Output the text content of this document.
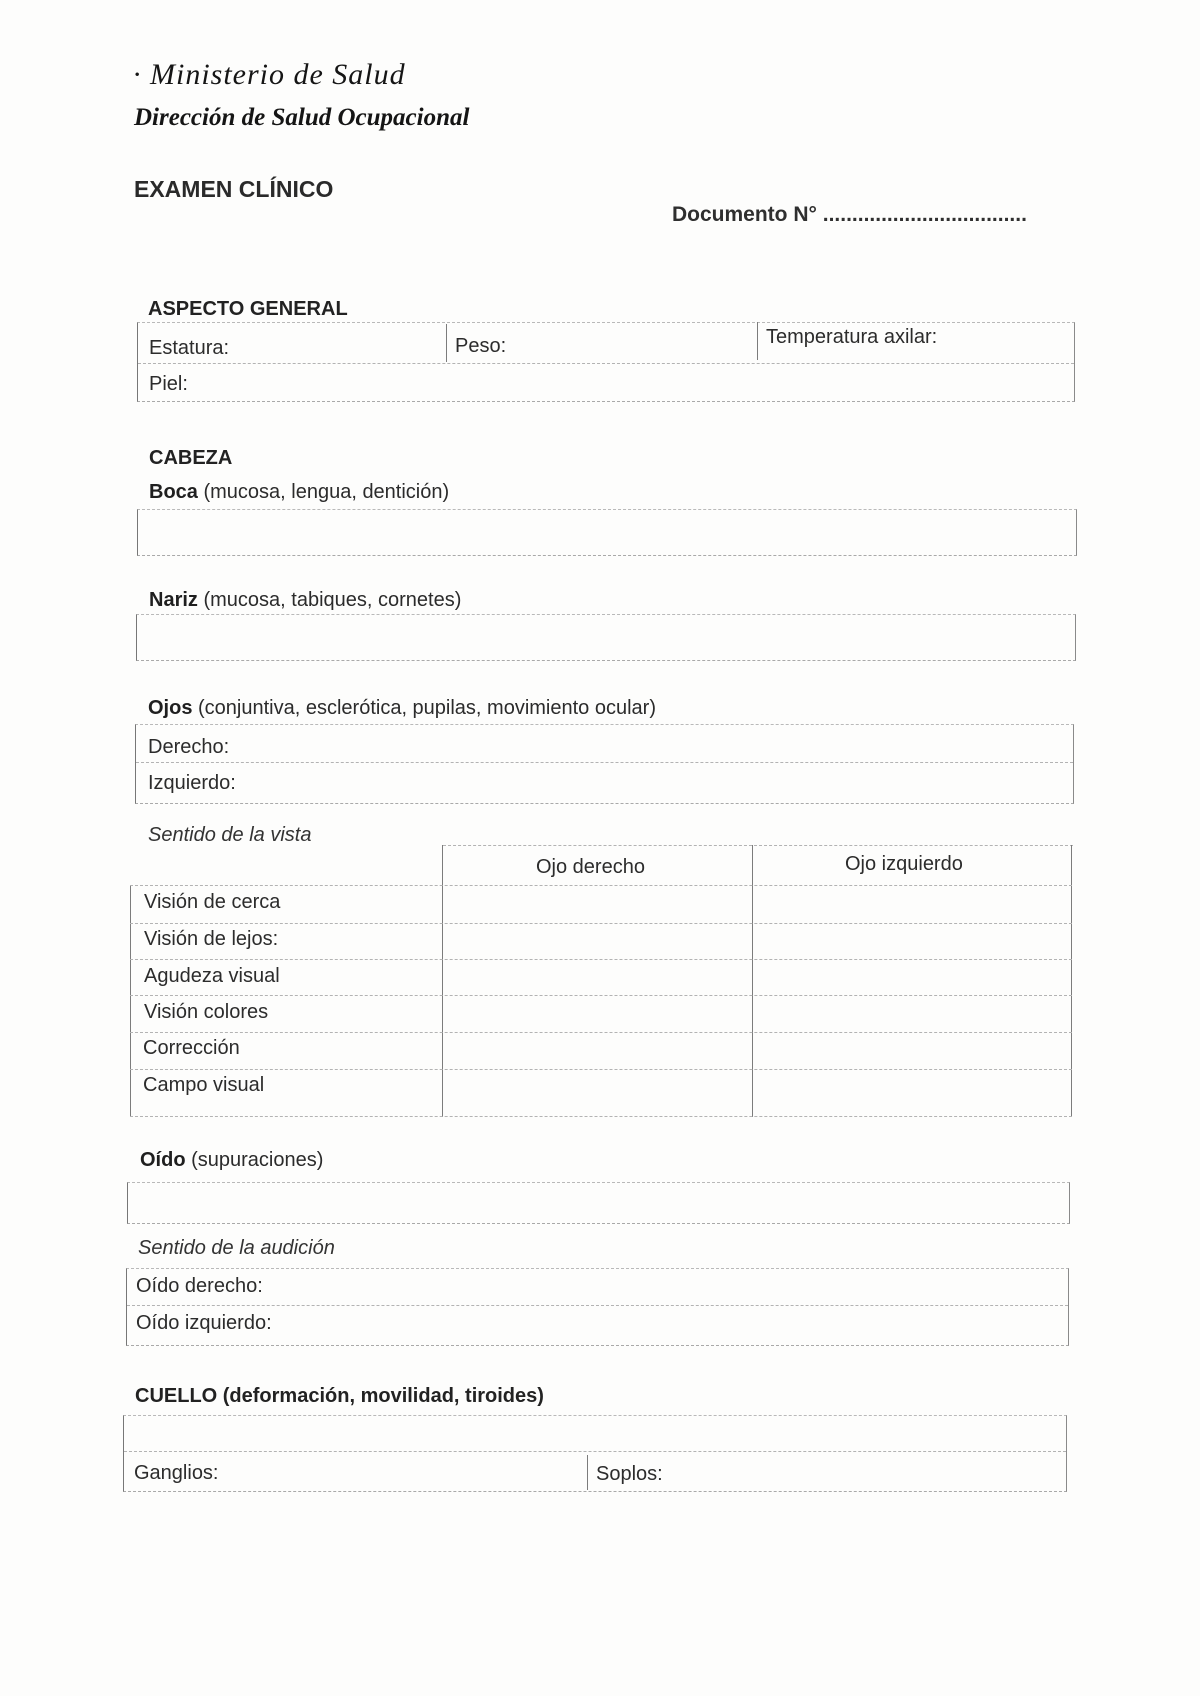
· Ministerio de Salud
Dirección de Salud Ocupacional
EXAMEN CLÍNICO
Documento N° ...................................
ASPECTO GENERAL
Estatura:	Peso:	Temperatura axilar:
Piel:
CABEZA
Boca (mucosa, lengua, dentición)
Nariz (mucosa, tabiques, cornetes)
Ojos (conjuntiva, esclerótica, pupilas, movimiento ocular)
Derecho:
Izquierdo:
Sentido de la vista
Ojo derecho	Ojo izquierdo
Visión de cerca
Visión de lejos:
Agudeza visual
Visión colores
Corrección
Campo visual
Oído (supuraciones)
Sentido de la audición
Oído derecho:
Oído izquierdo:
CUELLO (deformación, movilidad, tiroides)
Ganglios:	Soplos:
